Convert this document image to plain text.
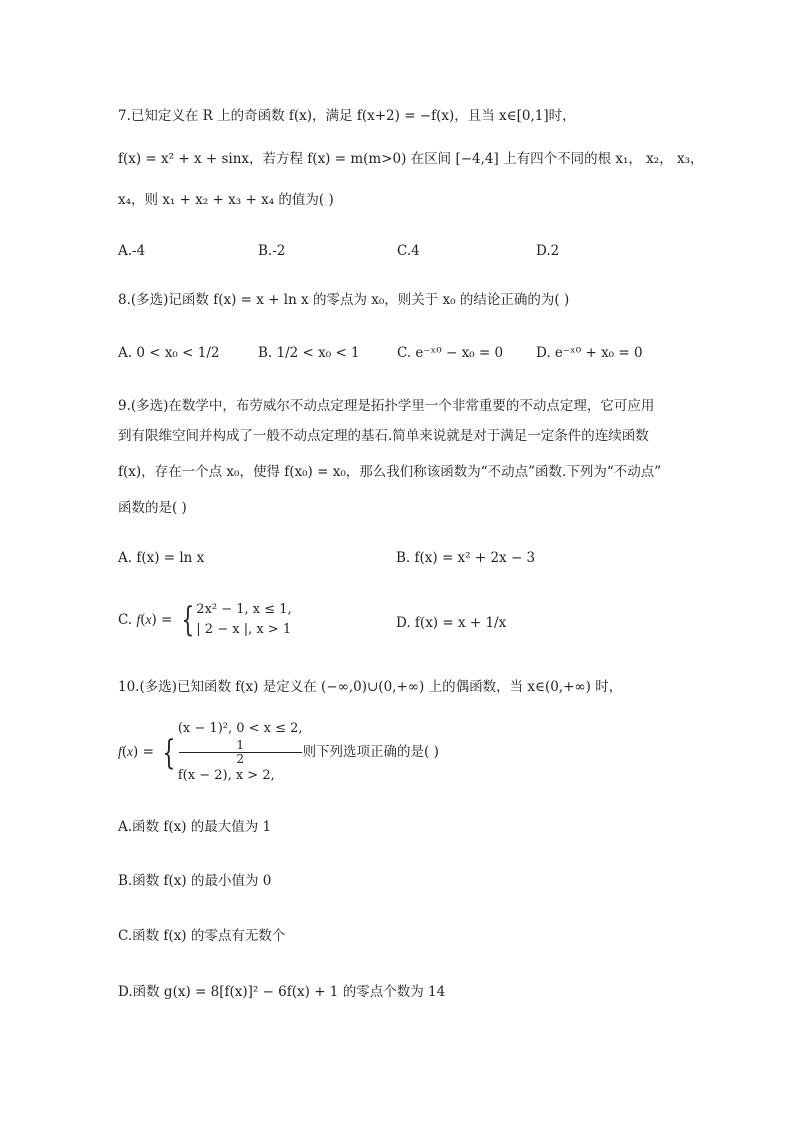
7.已知定义在 R 上的奇函数 f(x)，满足 f(x+2) = −f(x)，且当 x∈[0,1]时，
f(x) = x² + x + sinx，若方程 f(x) = m(m>0) 在区间 [−4,4] 上有四个不同的根 x₁， x₂， x₃，
x₄，则 x₁ + x₂ + x₃ + x₄ 的值为( )
A.-4	B.-2	C.4	D.2
8.(多选)记函数 f(x) = x + ln x 的零点为 x₀，则关于 x₀ 的结论正确的为( )
A. 0 < x₀ < 1/2	B. 1/2 < x₀ < 1	C. e⁻ˣ⁰ − x₀ = 0 D. e⁻ˣ⁰ + x₀ = 0
9.(多选)在数学中，布劳威尔不动点定理是拓扑学里一个非常重要的不动点定理，它可应用
到有限维空间并构成了一般不动点定理的基石.简单来说就是对于满足一定条件的连续函数
f(x)，存在一个点 x₀，使得 f(x₀) = x₀，那么我们称该函数为“不动点”函数.下列为“不动点”
函数的是( )
A. f(x) = ln x	B. f(x) = x² + 2x − 3
C. f(x) = { 2x² − 1, x ≤ 1,
| 2 − x |, x > 1	D. f(x) = x + 1/x
10.(多选)已知函数 f(x) 是定义在 (−∞,0)∪(0,+∞) 上的偶函数，当 x∈(0,+∞) 时，
f(x) = {
(x − 1)², 0 < x ≤ 2,
1
2
f(x − 2), x > 2,
则下列选项正确的是( )
A.函数 f(x) 的最大值为 1
B.函数 f(x) 的最小值为 0
C.函数 f(x) 的零点有无数个
D.函数 g(x) = 8[f(x)]² − 6f(x) + 1 的零点个数为 14
